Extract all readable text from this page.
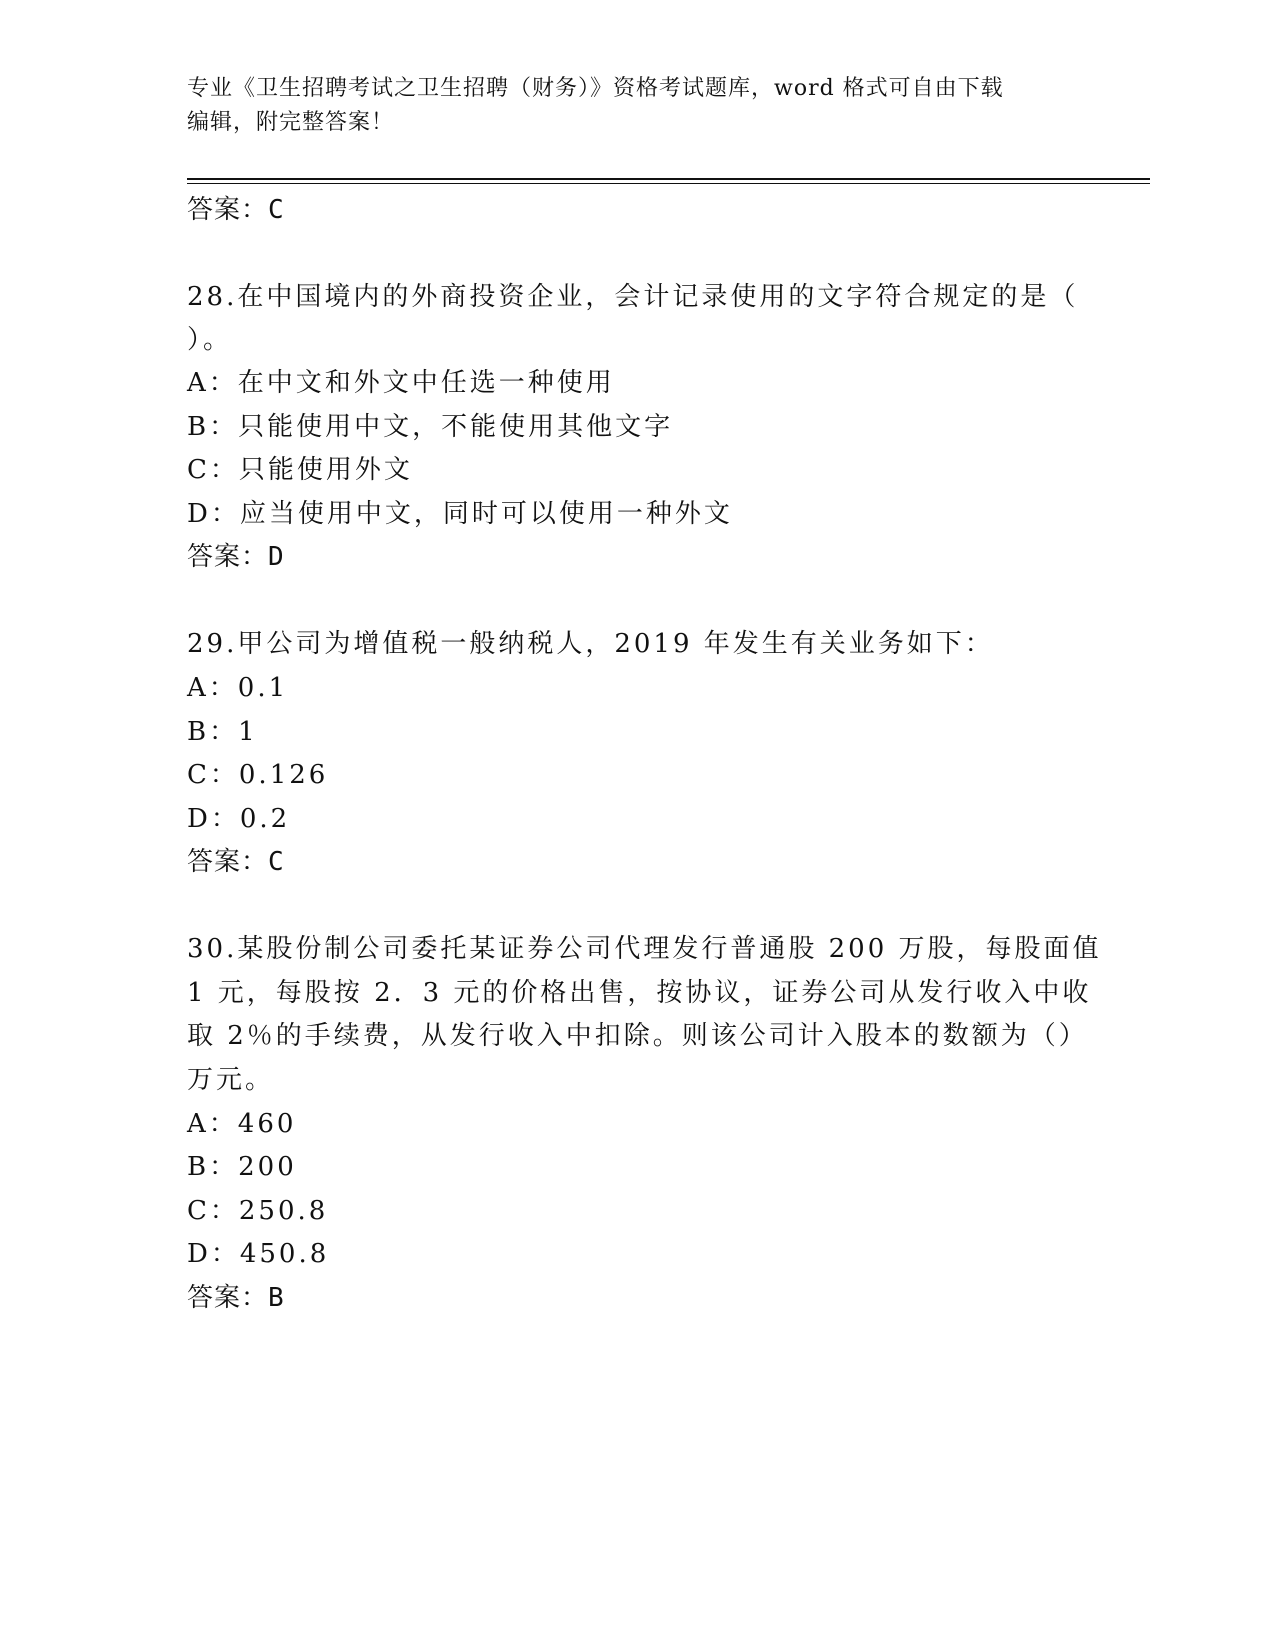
专业《卫生招聘考试之卫生招聘（财务）》资格考试题库，word 格式可自由下载
编辑，附完整答案！
答案：C
28.在中国境内的外商投资企业，会计记录使用的文字符合规定的是（
）。
A：在中文和外文中任选一种使用
B：只能使用中文，不能使用其他文字
C：只能使用外文
D：应当使用中文，同时可以使用一种外文
答案：D
29.甲公司为增值税一般纳税人，2019 年发生有关业务如下：
A：0.1
B：1
C：0.126
D：0.2
答案：C
30.某股份制公司委托某证券公司代理发行普通股 200 万股，每股面值
1 元，每股按 2．3 元的价格出售，按协议，证券公司从发行收入中收
取 2％的手续费，从发行收入中扣除。则该公司计入股本的数额为（）
万元。
A：460
B：200
C：250.8
D：450.8
答案：B
